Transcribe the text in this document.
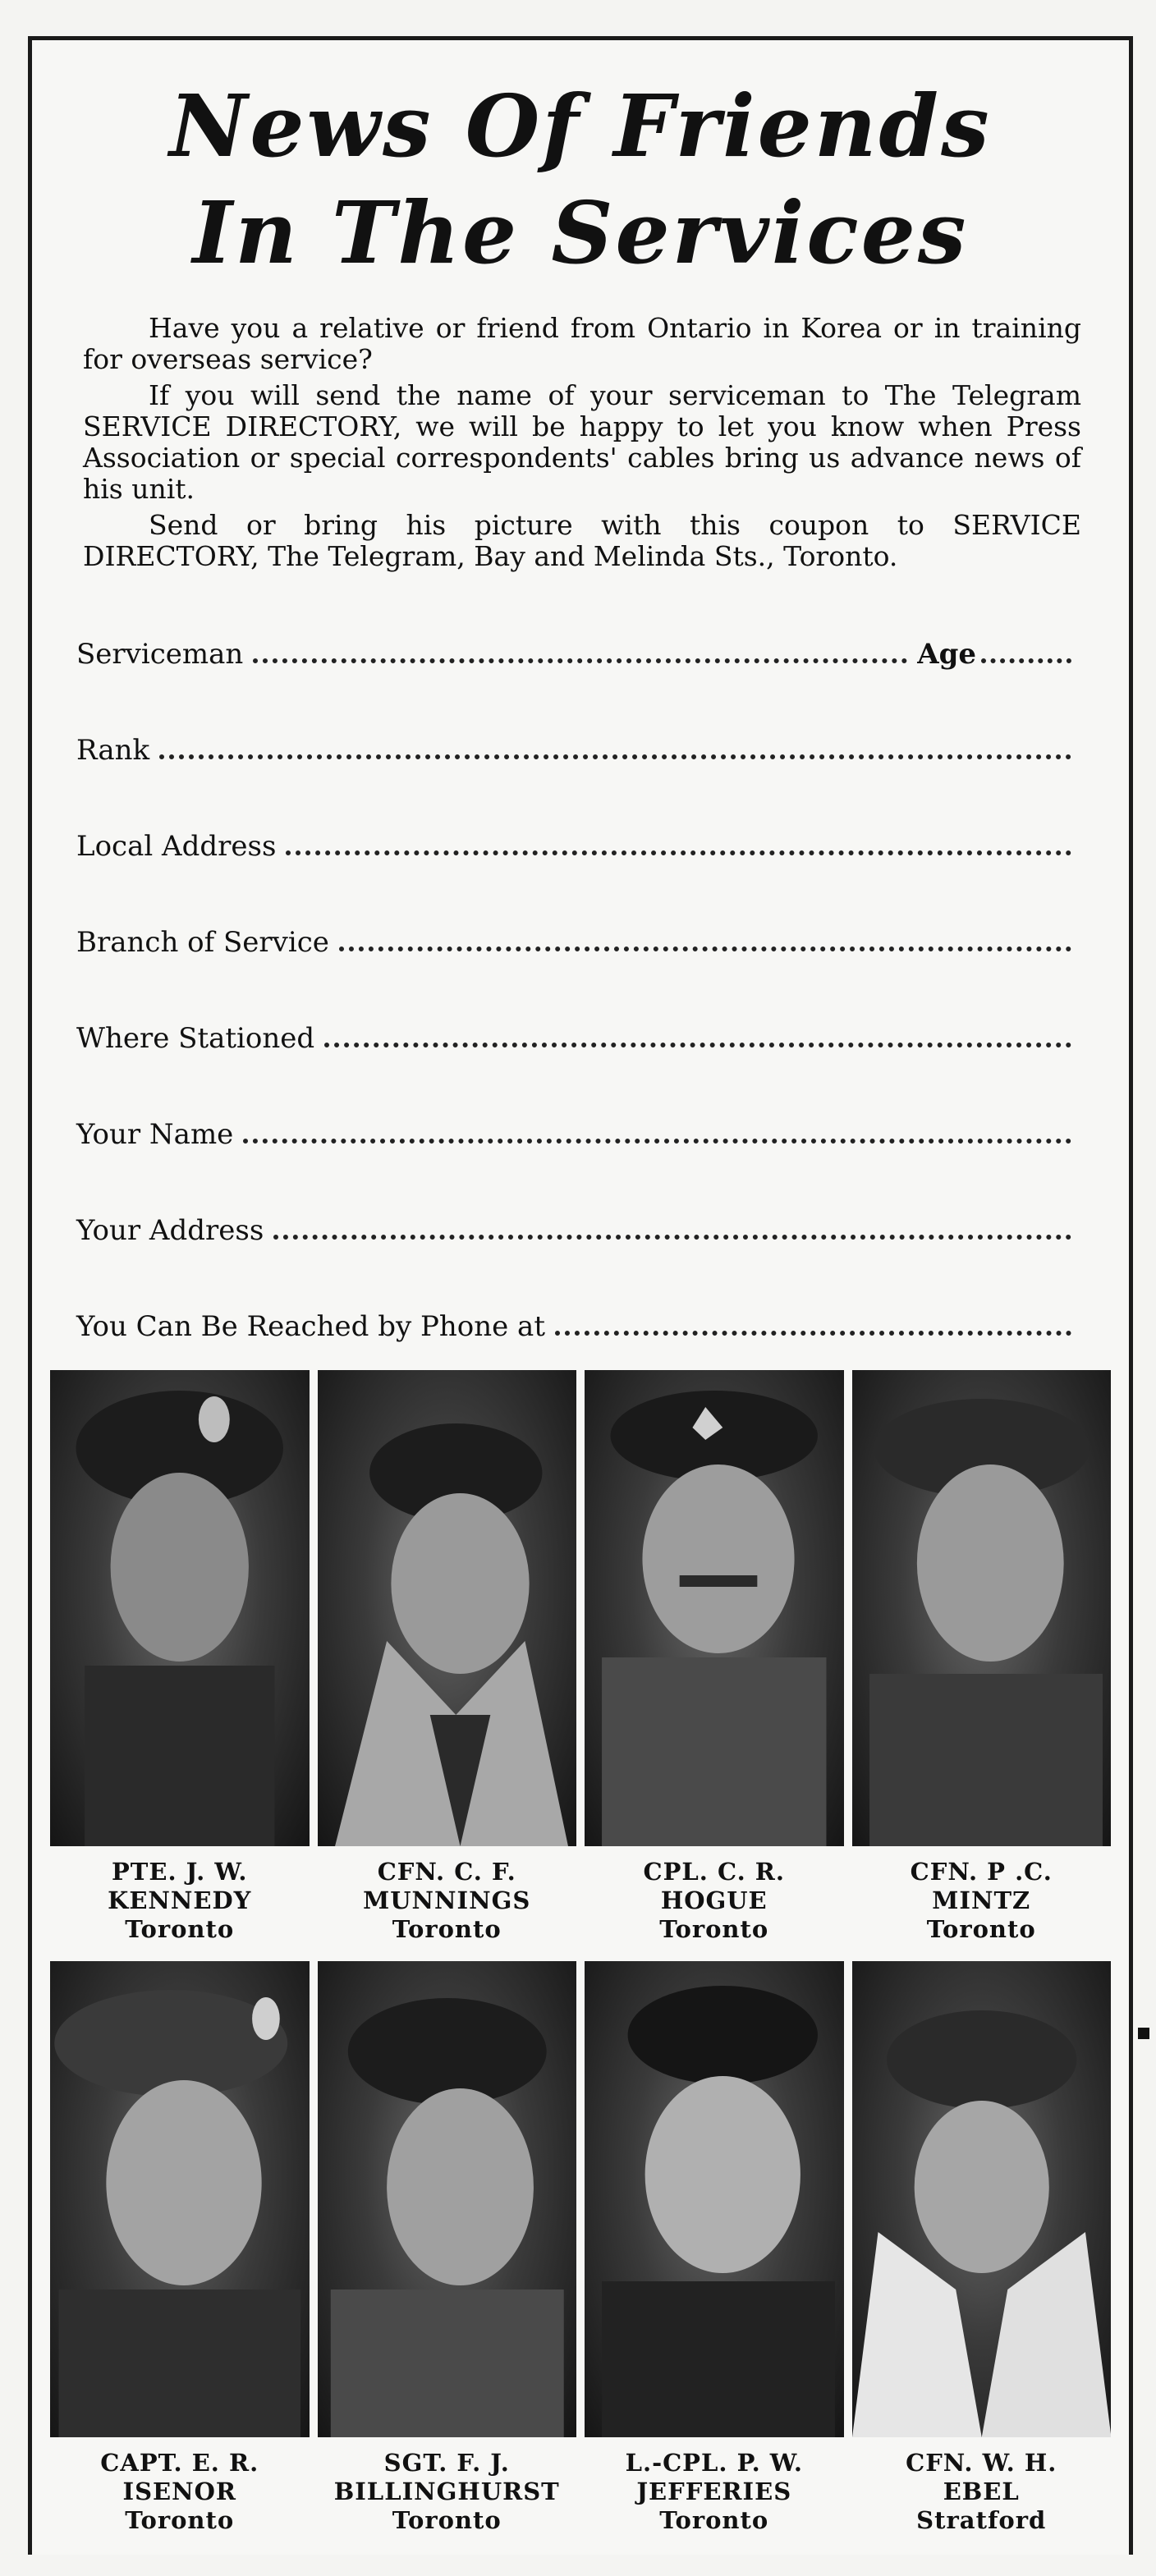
News Of Friends
In The Services

Have you a relative or friend from Ontario in Korea or in training for overseas service?

If you will send the name of your serviceman to The Telegram SERVICE DIRECTORY, we will be happy to let you know when Press Association or special correspondents' cables bring us advance news of his unit.

Send or bring his picture with this coupon to SERVICE DIRECTORY, The Telegram, Bay and Melinda Sts., Toronto.

Serviceman	Age
Rank
Local Address
Branch of Service
Where Stationed
Your Name
Your Address
You Can Be Reached by Phone at
PTE. J. W.
KENNEDY
Toronto
CFN. C. F.
MUNNINGS
Toronto
CPL. C. R.
HOGUE
Toronto
CFN. P .C.
MINTZ
Toronto
CAPT. E. R.
ISENOR
Toronto
SGT. F. J.
BILLINGHURST
Toronto
L.-CPL. P. W.
JEFFERIES
Toronto
CFN. W. H.
EBEL
Stratford
